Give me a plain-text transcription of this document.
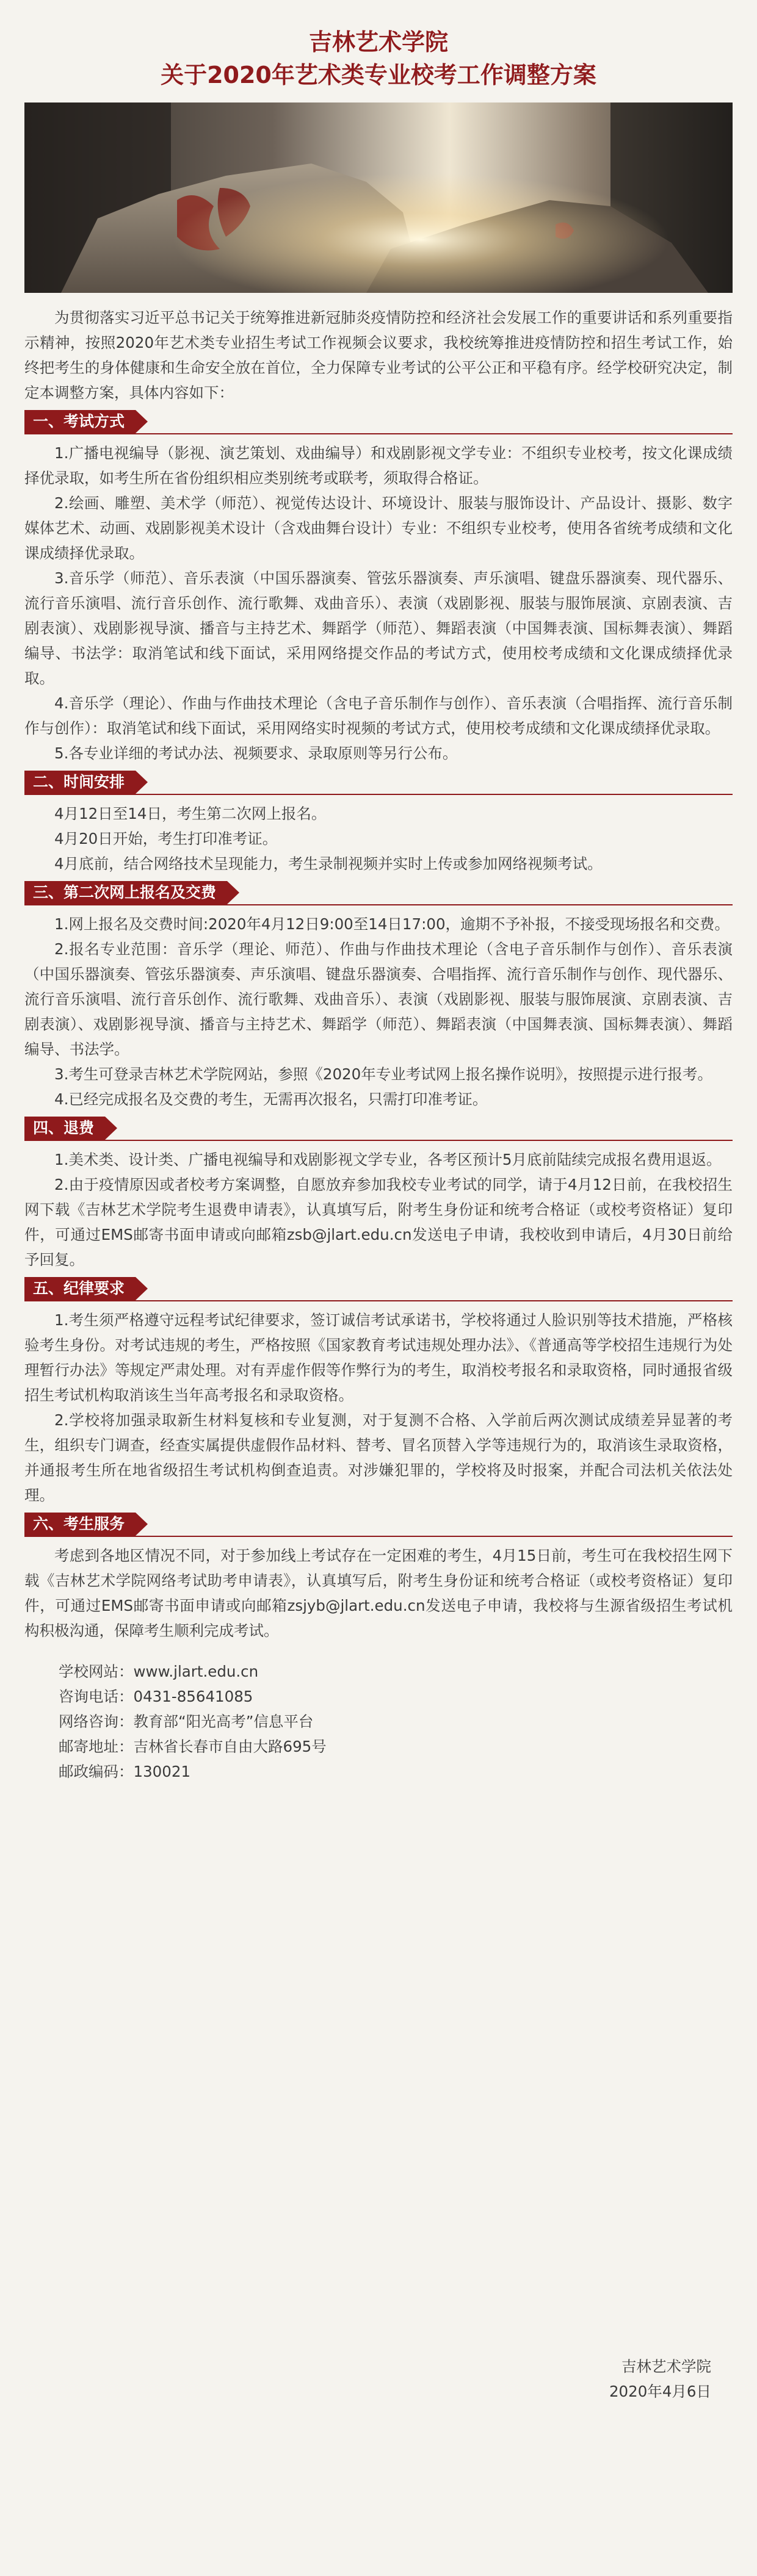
吉林艺术学院
关于2020年艺术类专业校考工作调整方案

为贯彻落实习近平总书记关于统筹推进新冠肺炎疫情防控和经济社会发展工作的重要讲话和系列重要指示精神，按照2020年艺术类专业招生考试工作视频会议要求，我校统筹推进疫情防控和招生考试工作，始终把考生的身体健康和生命安全放在首位，全力保障专业考试的公平公正和平稳有序。经学校研究决定，制定本调整方案，具体内容如下：

一、考试方式

1.广播电视编导（影视、演艺策划、戏曲编导）和戏剧影视文学专业：不组织专业校考，按文化课成绩择优录取，如考生所在省份组织相应类别统考或联考，须取得合格证。

2.绘画、雕塑、美术学（师范）、视觉传达设计、环境设计、服装与服饰设计、产品设计、摄影、数字媒体艺术、动画、戏剧影视美术设计（含戏曲舞台设计）专业：不组织专业校考，使用各省统考成绩和文化课成绩择优录取。

3.音乐学（师范）、音乐表演（中国乐器演奏、管弦乐器演奏、声乐演唱、键盘乐器演奏、现代器乐、流行音乐演唱、流行音乐创作、流行歌舞、戏曲音乐）、表演（戏剧影视、服装与服饰展演、京剧表演、吉剧表演）、戏剧影视导演、播音与主持艺术、舞蹈学（师范）、舞蹈表演（中国舞表演、国标舞表演）、舞蹈编导、书法学：取消笔试和线下面试，采用网络提交作品的考试方式，使用校考成绩和文化课成绩择优录取。

4.音乐学（理论）、作曲与作曲技术理论（含电子音乐制作与创作）、音乐表演（合唱指挥、流行音乐制作与创作）：取消笔试和线下面试，采用网络实时视频的考试方式，使用校考成绩和文化课成绩择优录取。

5.各专业详细的考试办法、视频要求、录取原则等另行公布。

二、时间安排

4月12日至14日，考生第二次网上报名。

4月20日开始，考生打印准考证。

4月底前，结合网络技术呈现能力，考生录制视频并实时上传或参加网络视频考试。

三、第二次网上报名及交费

1.网上报名及交费时间:2020年4月12日9:00至14日17:00，逾期不予补报，不接受现场报名和交费。

2.报名专业范围：音乐学（理论、师范）、作曲与作曲技术理论（含电子音乐制作与创作）、音乐表演（中国乐器演奏、管弦乐器演奏、声乐演唱、键盘乐器演奏、合唱指挥、流行音乐制作与创作、现代器乐、流行音乐演唱、流行音乐创作、流行歌舞、戏曲音乐）、表演（戏剧影视、服装与服饰展演、京剧表演、吉剧表演）、戏剧影视导演、播音与主持艺术、舞蹈学（师范）、舞蹈表演（中国舞表演、国标舞表演）、舞蹈编导、书法学。

3.考生可登录吉林艺术学院网站，参照《2020年专业考试网上报名操作说明》，按照提示进行报考。

4.已经完成报名及交费的考生，无需再次报名，只需打印准考证。

四、退费

1.美术类、设计类、广播电视编导和戏剧影视文学专业，各考区预计5月底前陆续完成报名费用退返。

2.由于疫情原因或者校考方案调整，自愿放弃参加我校专业考试的同学，请于4月12日前，在我校招生网下载《吉林艺术学院考生退费申请表》，认真填写后，附考生身份证和统考合格证（或校考资格证）复印件，可通过EMS邮寄书面申请或向邮箱zsb@jlart.edu.cn发送电子申请，我校收到申请后，4月30日前给予回复。

五、纪律要求

1.考生须严格遵守远程考试纪律要求，签订诚信考试承诺书，学校将通过人脸识别等技术措施，严格核验考生身份。对考试违规的考生，严格按照《国家教育考试违规处理办法》、《普通高等学校招生违规行为处理暂行办法》等规定严肃处理。对有弄虚作假等作弊行为的考生，取消校考报名和录取资格，同时通报省级招生考试机构取消该生当年高考报名和录取资格。

2.学校将加强录取新生材料复核和专业复测，对于复测不合格、入学前后两次测试成绩差异显著的考生，组织专门调查，经查实属提供虚假作品材料、替考、冒名顶替入学等违规行为的，取消该生录取资格，并通报考生所在地省级招生考试机构倒查追责。对涉嫌犯罪的，学校将及时报案，并配合司法机关依法处理。

六、考生服务

考虑到各地区情况不同，对于参加线上考试存在一定困难的考生，4月15日前，考生可在我校招生网下载《吉林艺术学院网络考试助考申请表》，认真填写后，附考生身份证和统考合格证（或校考资格证）复印件，可通过EMS邮寄书面申请或向邮箱zsjyb@jlart.edu.cn发送电子申请，我校将与生源省级招生考试机构积极沟通，保障考生顺利完成考试。

学校网站： www.jlart.edu.cn
咨询电话： 0431-85641085
网络咨询： 教育部“阳光高考”信息平台
邮寄地址： 吉林省长春市自由大路695号
邮政编码： 130021
吉林艺术学院
2020年4月6日
